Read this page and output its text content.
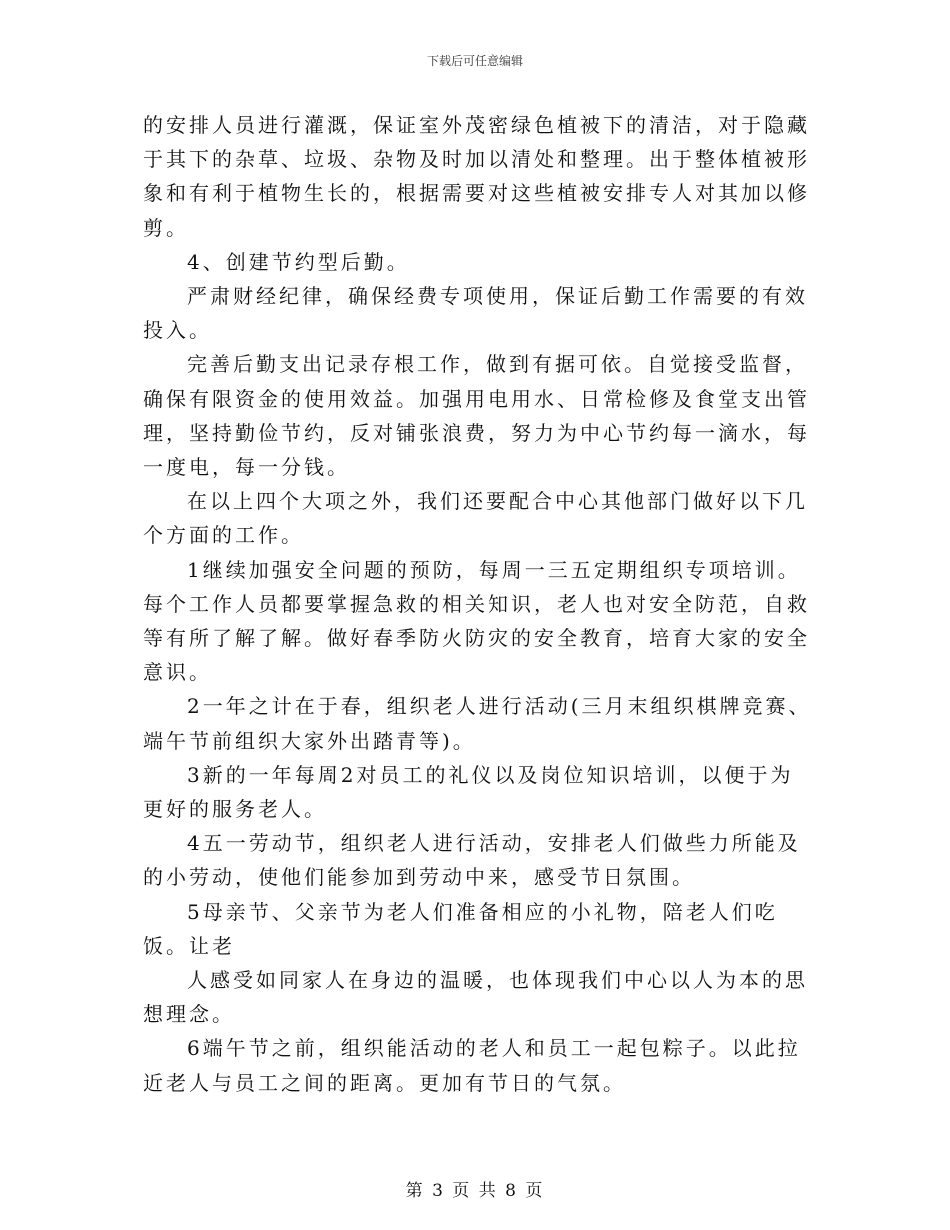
下载后可任意编辑

的安排人员进行灌溉，保证室外茂密绿色植被下的清洁，对于隐藏于其下的杂草、垃圾、杂物及时加以清处和整理。出于整体植被形象和有利于植物生长的，根据需要对这些植被安排专人对其加以修剪。

4、创建节约型后勤。

严肃财经纪律，确保经费专项使用，保证后勤工作需要的有效投入。

完善后勤支出记录存根工作，做到有据可依。自觉接受监督，确保有限资金的使用效益。加强用电用水、日常检修及食堂支出管理，坚持勤俭节约，反对铺张浪费，努力为中心节约每一滴水，每一度电，每一分钱。

在以上四个大项之外，我们还要配合中心其他部门做好以下几个方面的工作。

1继续加强安全问题的预防，每周一三五定期组织专项培训。每个工作人员都要掌握急救的相关知识，老人也对安全防范，自救等有所了解了解。做好春季防火防灾的安全教育，培育大家的安全意识。

2一年之计在于春，组织老人进行活动(三月末组织棋牌竞赛、端午节前组织大家外出踏青等)。

3新的一年每周2对员工的礼仪以及岗位知识培训，以便于为更好的服务老人。

4五一劳动节，组织老人进行活动，安排老人们做些力所能及的小劳动，使他们能参加到劳动中来，感受节日氛围。

5母亲节、父亲节为老人们准备相应的小礼物，陪老人们吃饭。让老

人感受如同家人在身边的温暖，也体现我们中心以人为本的思想理念。

6端午节之前，组织能活动的老人和员工一起包粽子。以此拉近老人与员工之间的距离。更加有节日的气氛。

第 3 页 共 8 页
